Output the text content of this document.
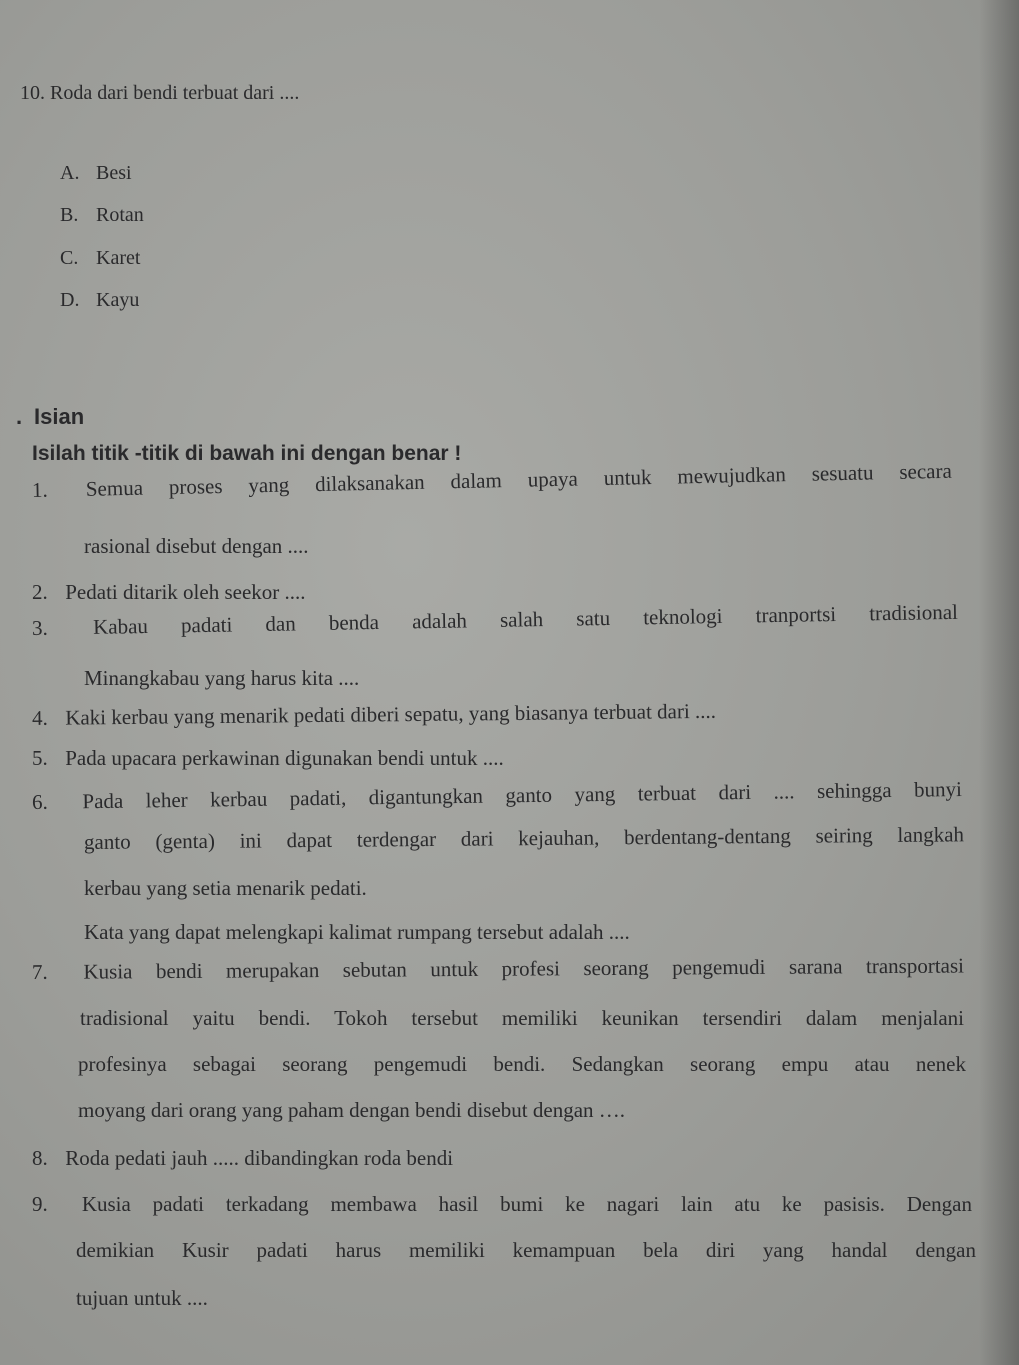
10. Roda dari bendi terbuat dari ....
A. Besi
B. Rotan
C. Karet
D. Kayu
. Isian
Isilah titik -titik di bawah ini dengan benar !
1. Semua proses yang dilaksanakan dalam upaya untuk mewujudkan sesuatu secara
rasional disebut dengan ....
2. Pedati ditarik oleh seekor ....
3. Kabau padati dan benda adalah salah satu teknologi tranportsi tradisional
Minangkabau yang harus kita ....
4. Kaki kerbau yang menarik pedati diberi sepatu, yang biasanya terbuat dari ....
5. Pada upacara perkawinan digunakan bendi untuk ....
6. Pada leher kerbau padati, digantungkan ganto yang terbuat dari .... sehingga bunyi
ganto (genta) ini dapat terdengar dari kejauhan, berdentang-dentang seiring langkah
kerbau yang setia menarik pedati.
Kata yang dapat melengkapi kalimat rumpang tersebut adalah ....
7. Kusia bendi merupakan sebutan untuk profesi seorang pengemudi sarana transportasi
tradisional yaitu bendi. Tokoh tersebut memiliki keunikan tersendiri dalam menjalani
profesinya sebagai seorang pengemudi bendi. Sedangkan seorang empu atau nenek
moyang dari orang yang paham dengan bendi disebut dengan ….
8. Roda pedati jauh ..... dibandingkan roda bendi
9. Kusia padati terkadang membawa hasil bumi ke nagari lain atu ke pasisis. Dengan
demikian Kusir padati harus memiliki kemampuan bela diri yang handal dengan
tujuan untuk ....
